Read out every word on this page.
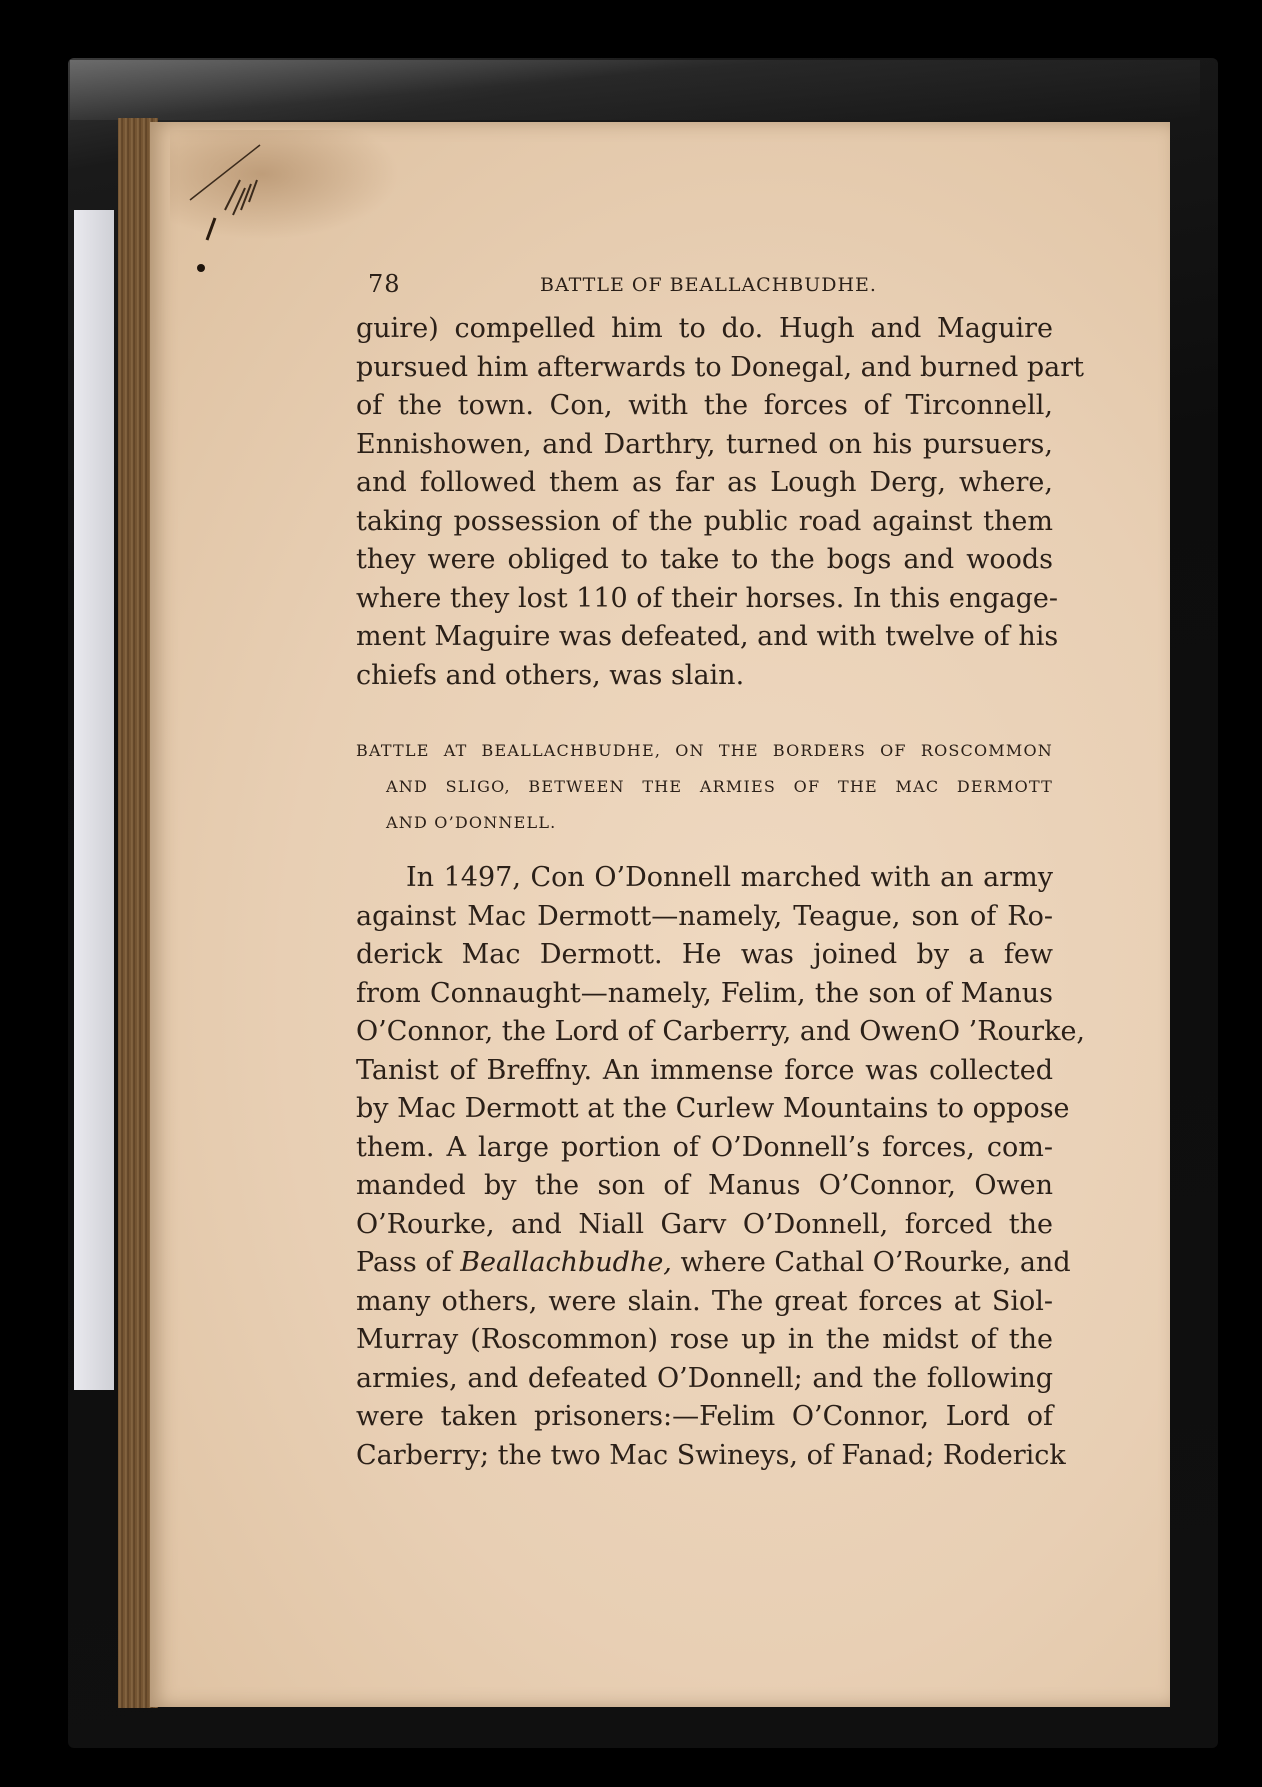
78	BATTLE OF BEALLACHBUDHE.

guire) compelled him to do. Hugh and Maguire
pursued him afterwards to Donegal, and burned part
of the town. Con, with the forces of Tirconnell,
Ennishowen, and Darthry, turned on his pursuers,
and followed them as far as Lough Derg, where,
taking possession of the public road against them
they were obliged to take to the bogs and woods
where they lost 110 of their horses. In this engage-
ment Maguire was defeated, and with twelve of his
chiefs and others, was slain.

BATTLE AT BEALLACHBUDHE, ON THE BORDERS OF ROSCOMMON
AND SLIGO, BETWEEN THE ARMIES OF THE MAC DERMOTT
AND O’DONNELL.

In 1497, Con O’Donnell marched with an army
against Mac Dermott—namely, Teague, son of Ro-
derick Mac Dermott. He was joined by a few
from Connaught—namely, Felim, the son of Manus
O’Connor, the Lord of Carberry, and OwenO ’Rourke,
Tanist of Breffny. An immense force was collected
by Mac Dermott at the Curlew Mountains to oppose
them. A large portion of O’Donnell’s forces, com-
manded by the son of Manus O’Connor, Owen
O’Rourke, and Niall Garv O’Donnell, forced the
Pass of Beallachbudhe, where Cathal O’Rourke, and
many others, were slain. The great forces at Siol-
Murray (Roscommon) rose up in the midst of the
armies, and defeated O’Donnell; and the following
were taken prisoners:—Felim O’Connor, Lord of
Carberry; the two Mac Swineys, of Fanad; Roderick
